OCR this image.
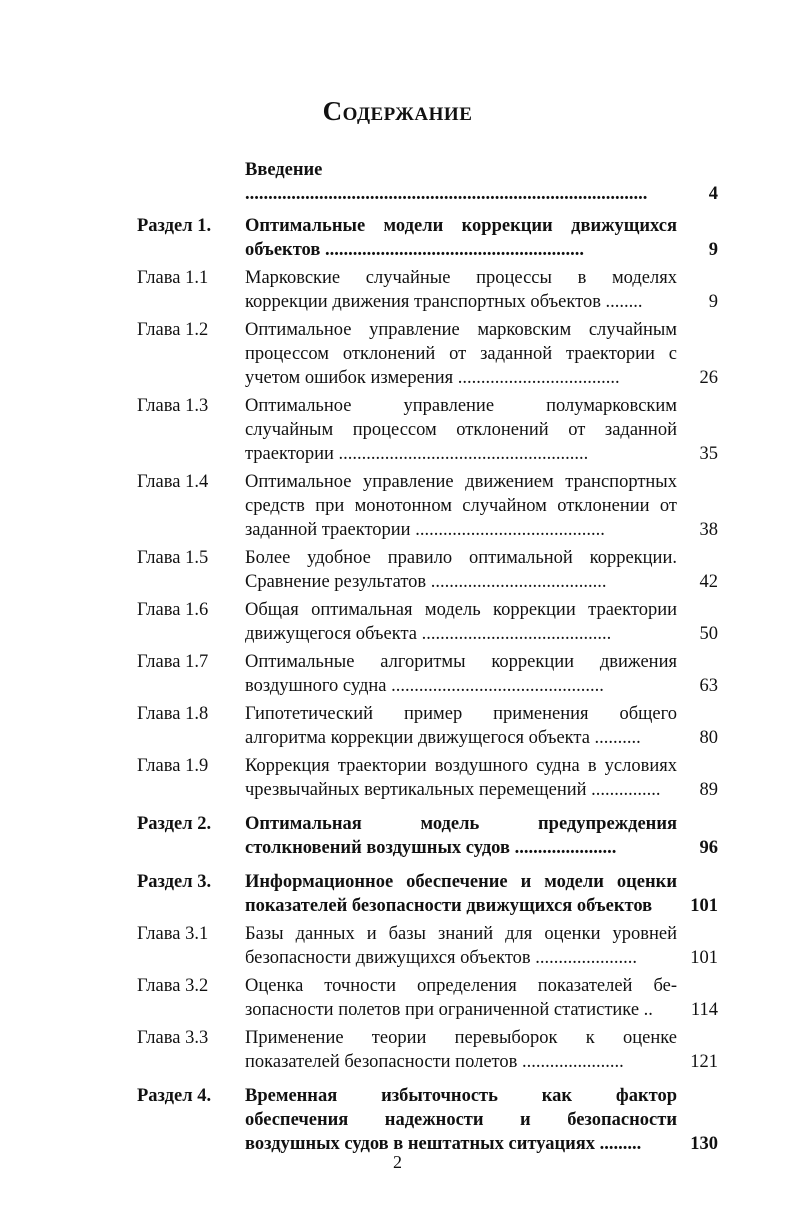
Содержание
Введение .......................................................................................	4
Раздел 1.	Оптимальные модели коррекции движущихся
объектов ........................................................	9
Глава 1.1	Марковские случайные процессы в моделях
коррекции движения транспортных объектов ........	9
Глава 1.2	Оптимальное управление марковским случайным
процессом отклонений от заданной траектории с
учетом ошибок измерения ...................................	26
Глава 1.3	Оптимальное управление полумарковским
случайным процессом отклонений от заданной
траектории ......................................................	35
Глава 1.4	Оптимальное управление движением транспортных
средств при монотонном случайном отклонении от
заданной траектории .........................................	38
Глава 1.5	Более удобное правило оптимальной коррекции.
Сравнение результатов ......................................	42
Глава 1.6	Общая оптимальная модель коррекции траектории
движущегося объекта .........................................	50
Глава 1.7	Оптимальные алгоритмы коррекции движения
воздушного судна ..............................................	63
Глава 1.8	Гипотетический пример применения общего
алгоритма коррекции движущегося объекта ..........	80
Глава 1.9	Коррекция траектории воздушного судна в условиях
чрезвычайных вертикальных перемещений ...............	89
Раздел 2.	Оптимальная модель предупреждения
столкновений воздушных судов ......................	96
Раздел 3.	Информационное обеспечение и модели оценки
показателей безопасности движущихся объектов	101
Глава 3.1	Базы данных и базы знаний для оценки уровней
безопасности движущихся объектов ......................	101
Глава 3.2	Оценка точности определения показателей бе-
зопасности полетов при ограниченной статистике ..	114
Глава 3.3	Применение теории перевыборок к оценке
показателей безопасности полетов ......................	121
Раздел 4.	Временная избыточность как фактор
обеспечения надежности и безопасности
воздушных судов в нештатных ситуациях .........	130
2
